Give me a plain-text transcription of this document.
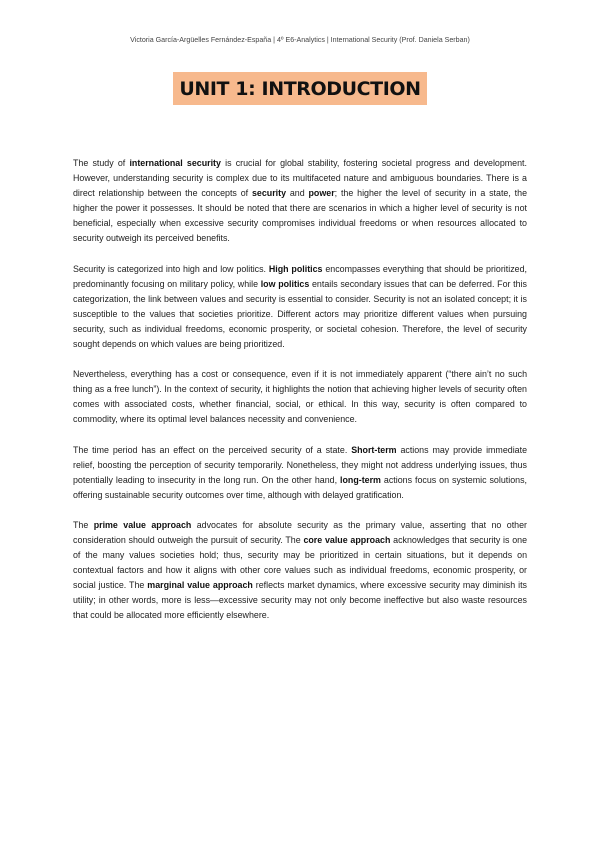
Victoria García-Argüelles Fernández-España | 4º E6-Analytics | International Security (Prof. Daniela Serban)
UNIT 1: INTRODUCTION

The study of international security is crucial for global stability, fostering societal progress and development. However, understanding security is complex due to its multifaceted nature and ambiguous boundaries. There is a direct relationship between the concepts of security and power; the higher the level of security in a state, the higher the power it possesses. It should be noted that there are scenarios in which a higher level of security is not beneficial, especially when excessive security compromises individual freedoms or when resources allocated to security outweigh its perceived benefits.

Security is categorized into high and low politics. High politics encompasses everything that should be prioritized, predominantly focusing on military policy, while low politics entails secondary issues that can be deferred. For this categorization, the link between values and security is essential to consider. Security is not an isolated concept; it is susceptible to the values that societies prioritize. Different actors may prioritize different values when pursuing security, such as individual freedoms, economic prosperity, or societal cohesion. Therefore, the level of security sought depends on which values are being prioritized.

Nevertheless, everything has a cost or consequence, even if it is not immediately apparent (“there ain’t no such thing as a free lunch”). In the context of security, it highlights the notion that achieving higher levels of security often comes with associated costs, whether financial, social, or ethical. In this way, security is often compared to commodity, where its optimal level balances necessity and convenience.

The time period has an effect on the perceived security of a state. Short-term actions may provide immediate relief, boosting tbe perception of security temporarily. Nonetheless, they might not address underlying issues, thus potentially leading to insecurity in the long run. On the other hand, long-term actions focus on systemic solutions, offering sustainable security outcomes over time, although with delayed gratification.

The prime value approach advocates for absolute security as the primary value, asserting that no other consideration should outweigh the pursuit of security. The core value approach acknowledges that security is one of the many values societies hold; thus, security may be prioritized in certain situations, but it depends on contextual factors and how it aligns with other core values such as individual freedoms, economic prosperity, or social justice. The marginal value approach reflects market dynamics, where excessive security may diminish its utility; in other words, more is less—excessive security may not only become ineffective but also waste resources that could be allocated more efficiently elsewhere.
